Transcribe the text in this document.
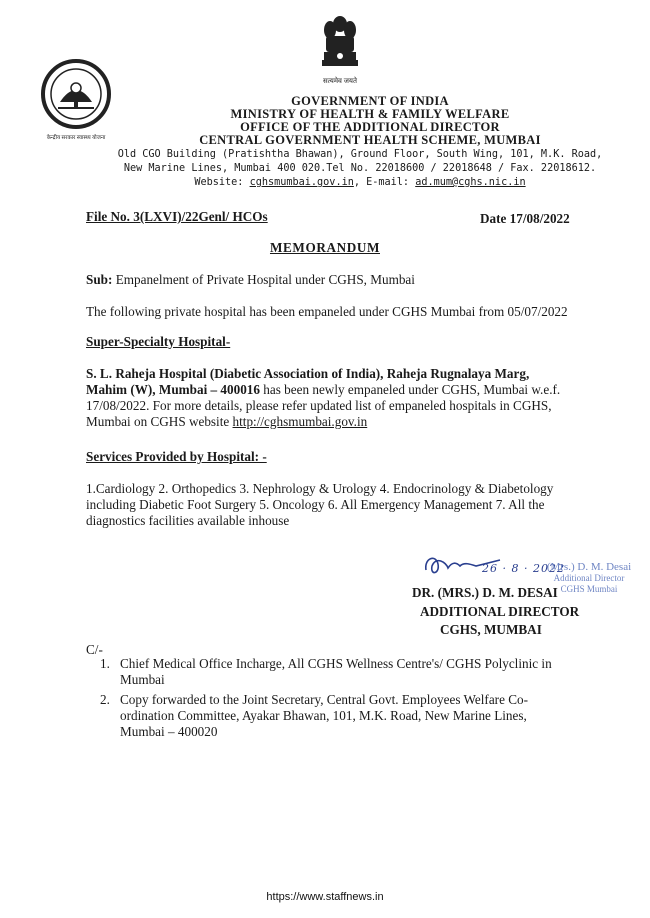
सत्यमेव जयते
केन्द्रीय सरकार स्वास्थ्य योजना
GOVERNMENT OF INDIA
MINISTRY OF HEALTH & FAMILY WELFARE
OFFICE OF THE ADDITIONAL DIRECTOR
CENTRAL GOVERNMENT HEALTH SCHEME, MUMBAI
Old CGO Building (Pratishtha Bhawan), Ground Floor, South Wing, 101, M.K. Road,
New Marine Lines, Mumbai 400 020.Tel No. 22018600 / 22018648 / Fax. 22018612.
Website: cghsmumbai.gov.in, E-mail: ad.mum@cghs.nic.in
File No. 3(LXVI)/22Genl/ HCOs	Date 17/08/2022
MEMORANDUM
Sub: Empanelment of Private Hospital under CGHS, Mumbai
The following private hospital has been empaneled under CGHS Mumbai from 05/07/2022
Super-Specialty Hospital-
S. L. Raheja Hospital (Diabetic Association of India), Raheja Rugnalaya Marg,
Mahim (W), Mumbai – 400016 has been newly empaneled under CGHS, Mumbai w.e.f.
17/08/2022. For more details, please refer updated list of empaneled hospitals in CGHS,
Mumbai on CGHS website http://cghsmumbai.gov.in
Services Provided by Hospital: -
1.Cardiology 2. Orthopedics 3. Nephrology & Urology 4. Endocrinology & Diabetology
including Diabetic Foot Surgery 5. Oncology 6. All Emergency Management 7. All the
diagnostics facilities available inhouse
26 · 8 · 2022
(Mrs.) D. M. Desai
Additional Director
CGHS Mumbai
DR. (MRS.) D. M. DESAI
ADDITIONAL DIRECTOR
CGHS, MUMBAI
C/-
1. Chief Medical Office Incharge, All CGHS Wellness Centre's/ CGHS Polyclinic in
Mumbai
2. Copy forwarded to the Joint Secretary, Central Govt. Employees Welfare Co-
ordination Committee, Ayakar Bhawan, 101, M.K. Road, New Marine Lines,
Mumbai – 400020
https://www.staffnews.in
